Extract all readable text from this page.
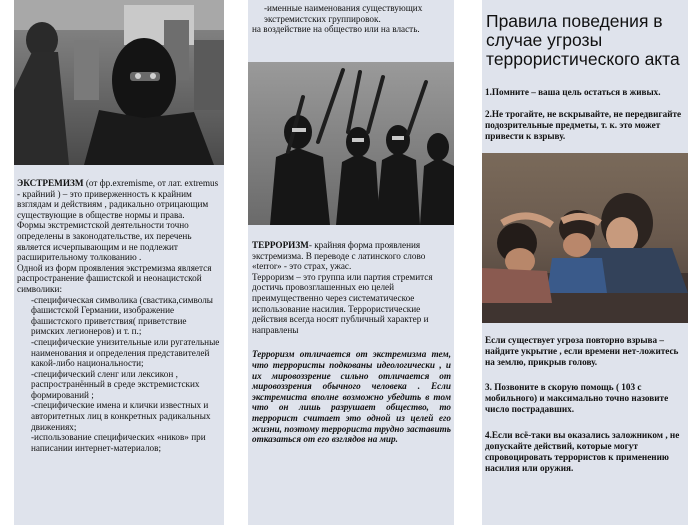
ЭКСТРЕМИЗМ (от фр.exremisme, от лат. extremus - крайний ) – это приверженность к крайним взглядам и действиям , радикально отрицающим существующие в обществе нормы и права.

Формы экстремистской деятельности точно определены в законодательстве, их перечень является исчерпывающим и не подлежит расширительному толкованию .

Одной из форм проявления экстремизма является распространение фашистской и неонацистской символики:

-специфическая символика (свастика,символы фашистской Германии, изображение фашистского приветствия( приветствие римских легионеров) и т. п.;

-специфические унизительные или ругательные наименования и определения представителей какой-либо национальности;

-специфический сленг или лексикон , распространённый в среде экстремистских формирований ;

-специфические имена и клички известных и авторитетных лиц в конкретных радикальных движениях;

-использование специфических «ников» при написании интернет-материалов;

-именные наименования существующих экстремистских группировок.

на воздействие на общество или на власть.

ТЕРРОРИЗМ- крайняя форма проявления экстремизма. В переводе с латинского слово «terror» - это страх, ужас.

Терроризм – это группа или партия стремится достичь провозглашенных ею целей преимущественно через систематическое использование насилия. Террористические действия всегда носят публичный характер и направлены

Терроризм отличается от экстремизма тем, что террористы подкованы идеологически , и их мировоззрение сильно отличается от мировоззрения обычного человека . Если экстремиста вполне возможно убедить в том что он лишь разрушает общество, то террорист считает это одной из целей его жизни, поэтому террориста трудно заставить отказаться от его взглядов на мир.

Правила поведения в случае угрозы террористического акта
1.Помните – ваша цель остаться в живых.
2.Не трогайте, не вскрывайте, не передвигайте подозрительные предметы, т. к. это может привести к взрыву.
Если существует угроза повторно взрыва – найдите укрытие , если времени нет-ложитесь на землю, прикрыв голову.
3. Позвоните в скорую помощь ( 103 с мобильного) и максимально точно назовите число пострадавших.
4.Если всё-таки вы оказались заложником , не допускайте действий, которые могут спровоцировать террористов к применению насилия или оружия.
